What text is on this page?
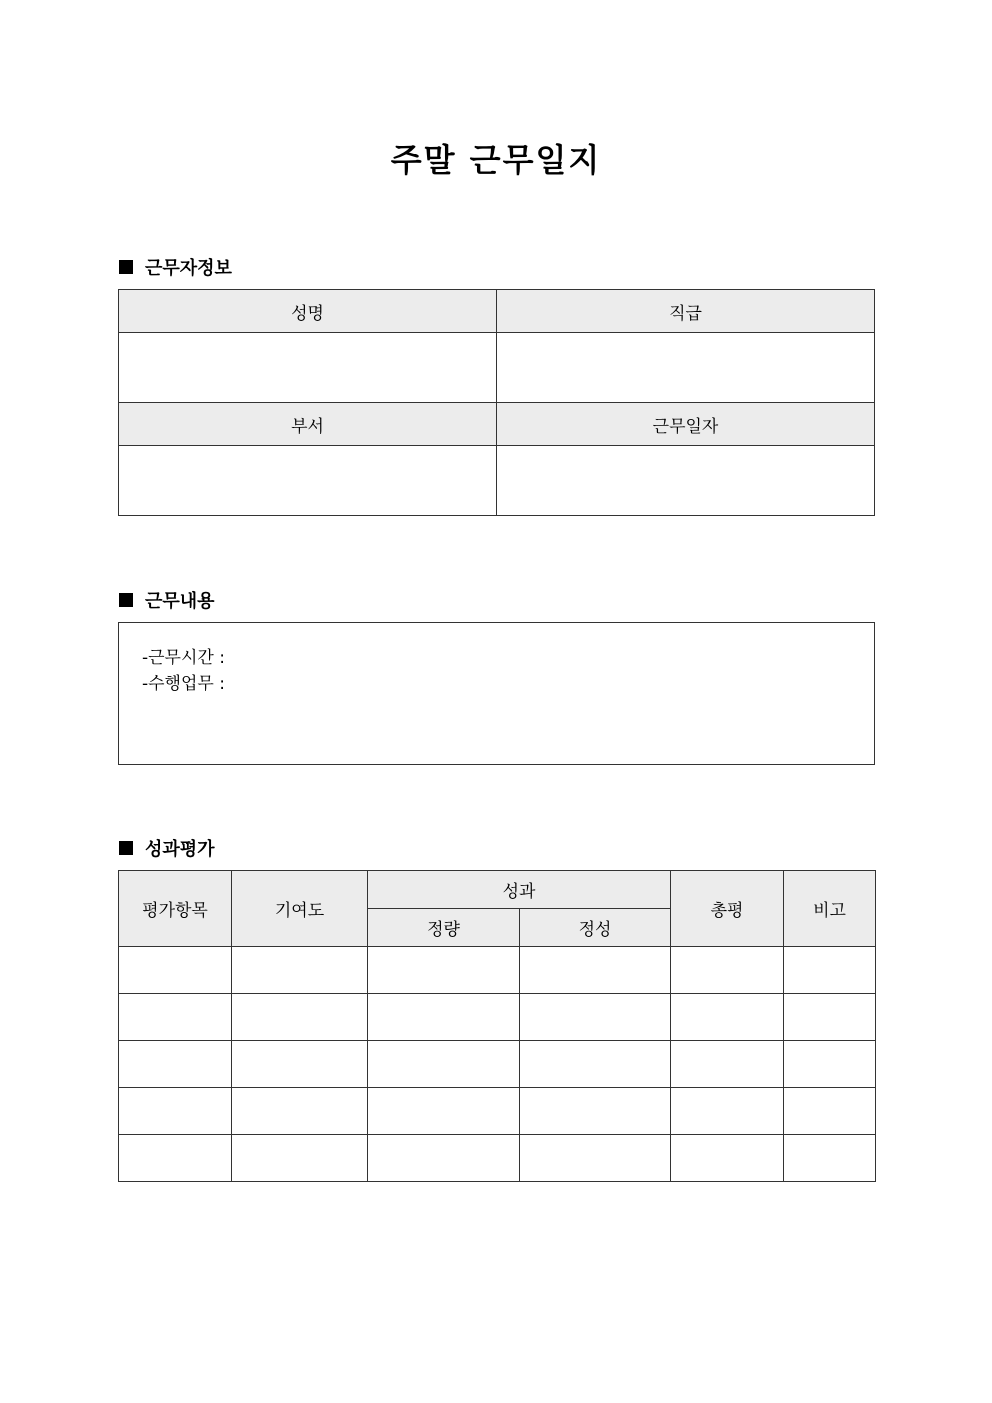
주말 근무일지
근무자정보
성명	직급

부서	근무일자

근무내용
-근무시간 :
-수행업무 :
성과평가
평가항목	기여도	성과		총평	비고
		정량	정성		
